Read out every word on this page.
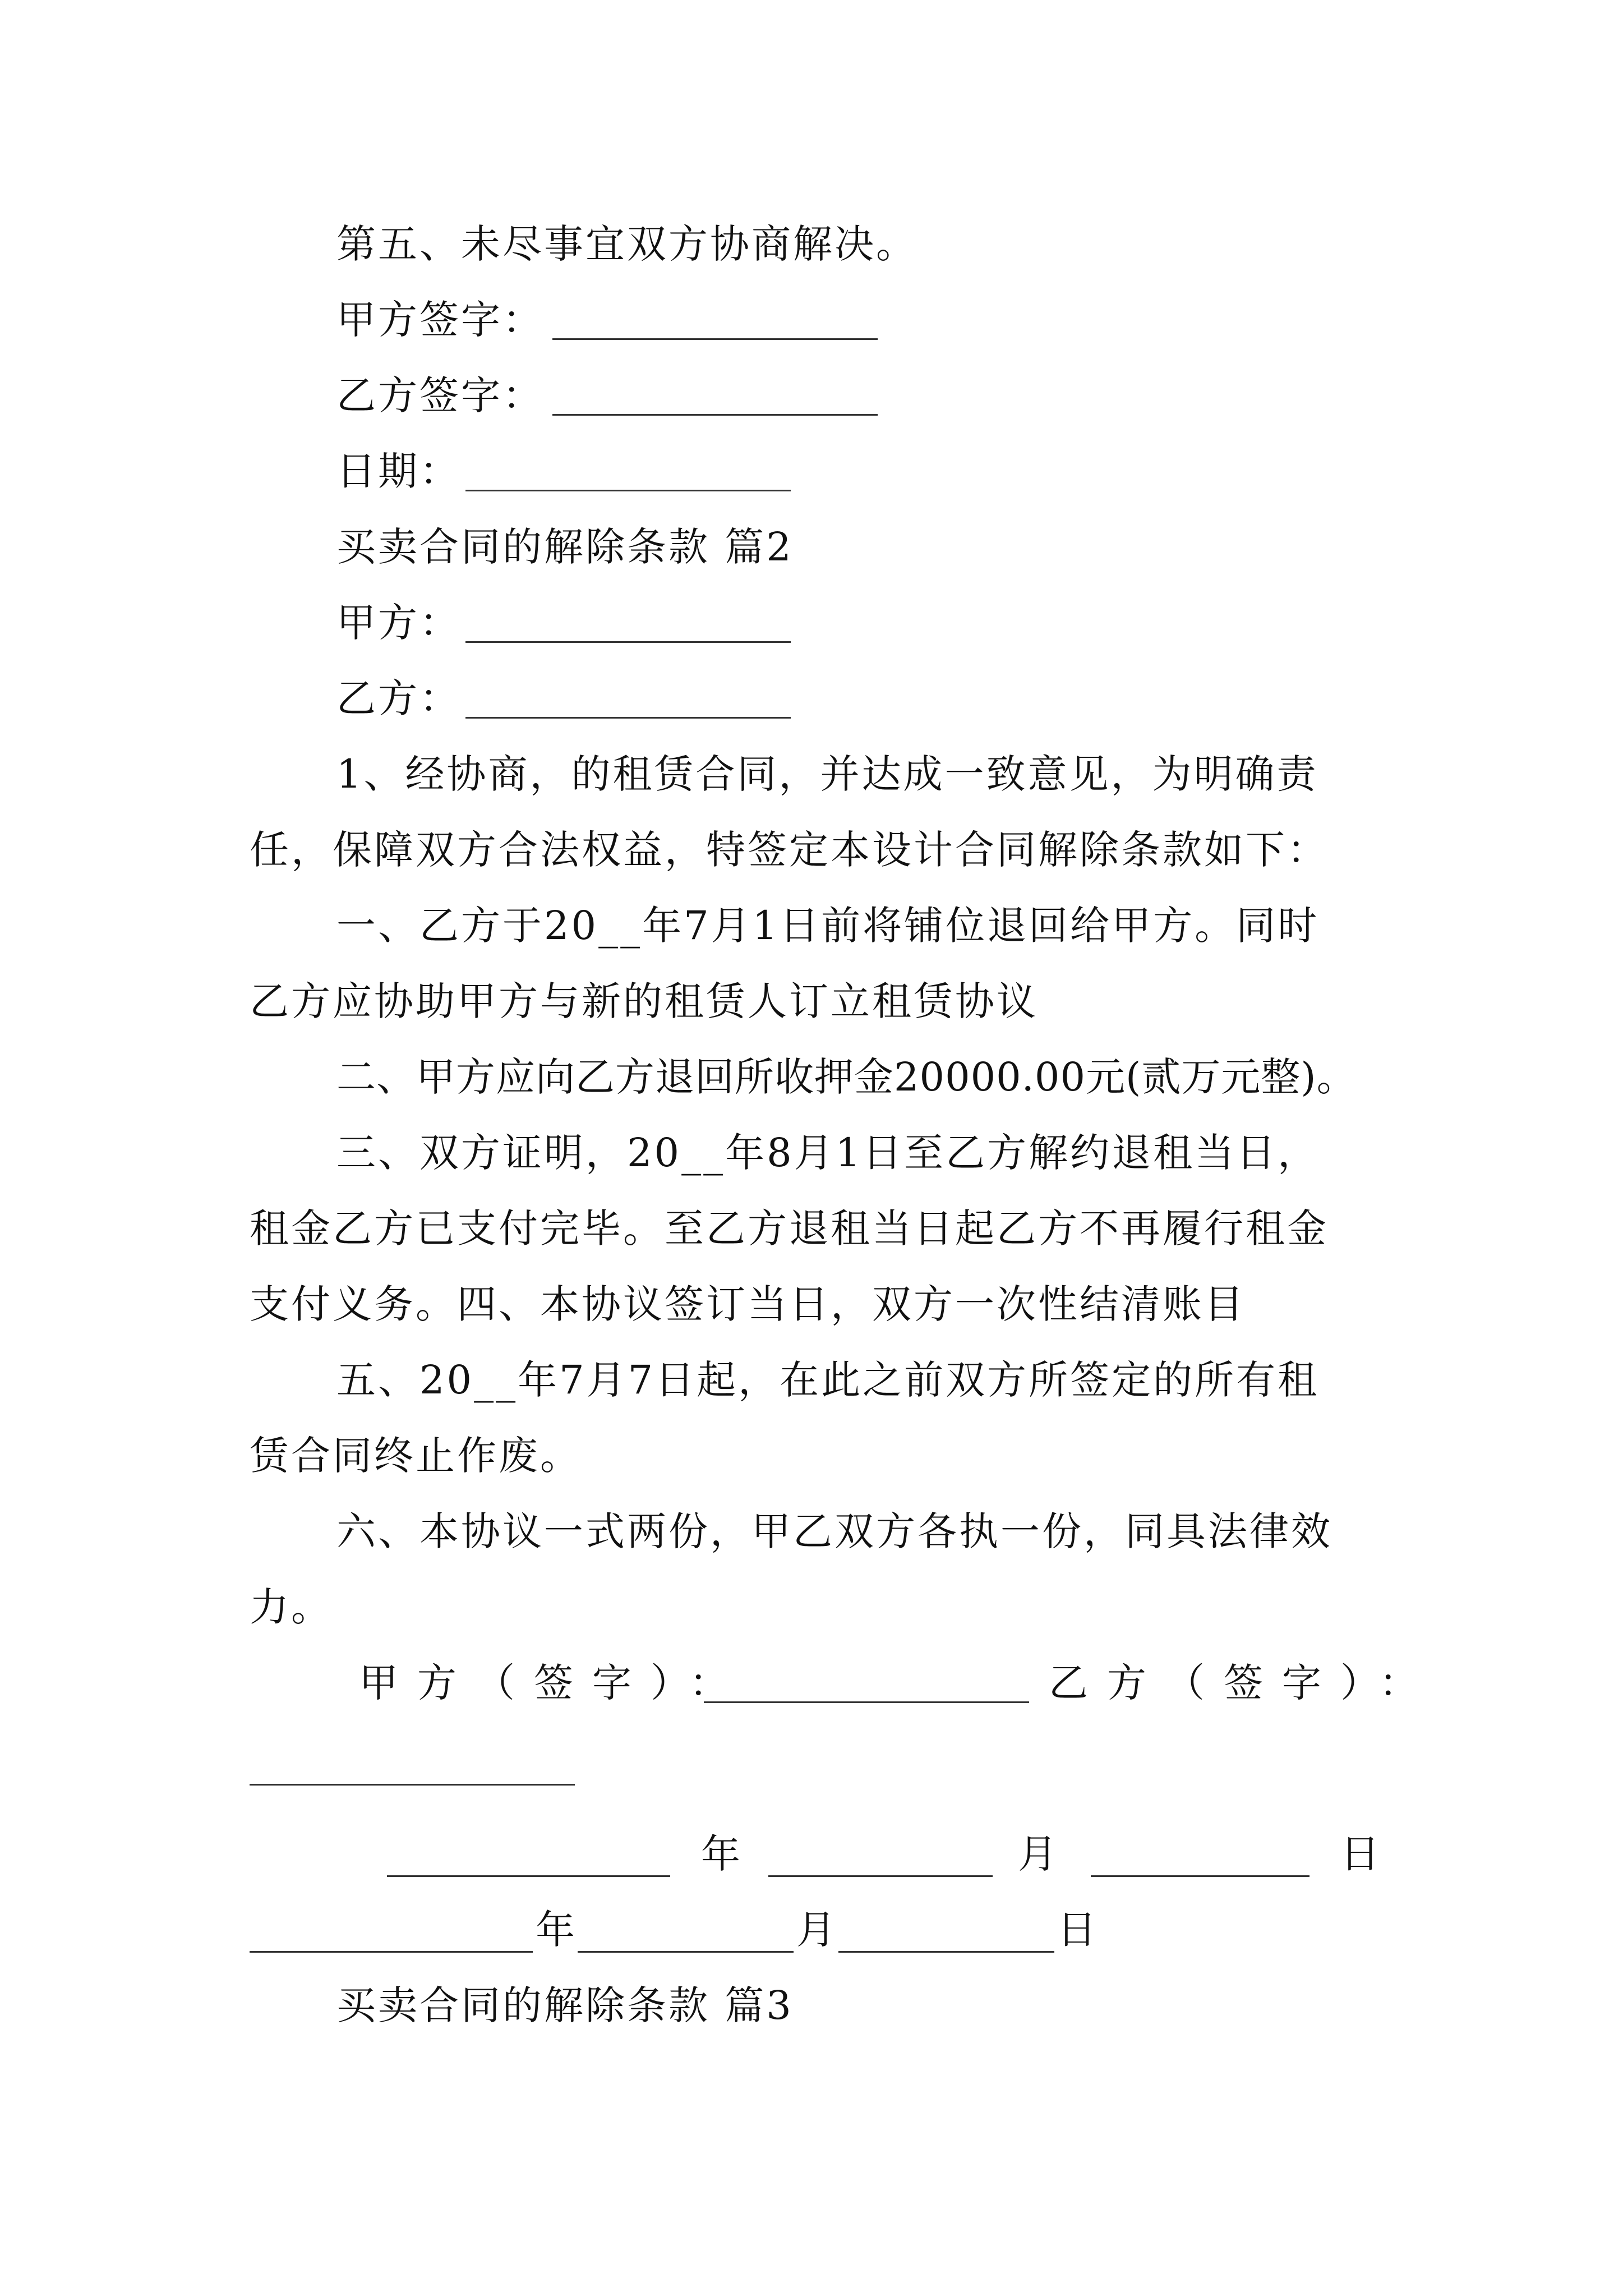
第五、未尽事宜双方协商解决。
甲方签字：
乙方签字：
日期：
买卖合同的解除条款 篇2
甲方：
乙方：
1、经协商，的租赁合同，并达成一致意见，为明确责
任，保障双方合法权益，特签定本设计合同解除条款如下：
一、乙方于20__年7月1日前将铺位退回给甲方。同时
乙方应协助甲方与新的租赁人订立租赁协议
二、甲方应向乙方退回所收押金20000.00元(贰万元整)。
三、双方证明，20__年8月1日至乙方解约退租当日，
租金乙方已支付完毕。至乙方退租当日起乙方不再履行租金
支付义务。四、本协议签订当日，双方一次性结清账目
五、20__年7月7日起，在此之前双方所签定的所有租
赁合同终止作废。
六、本协议一式两份，甲乙双方各执一份，同具法律效
力。
甲方（签字）：	乙方（签字）：
年	月	日
年	月	日
买卖合同的解除条款 篇3
